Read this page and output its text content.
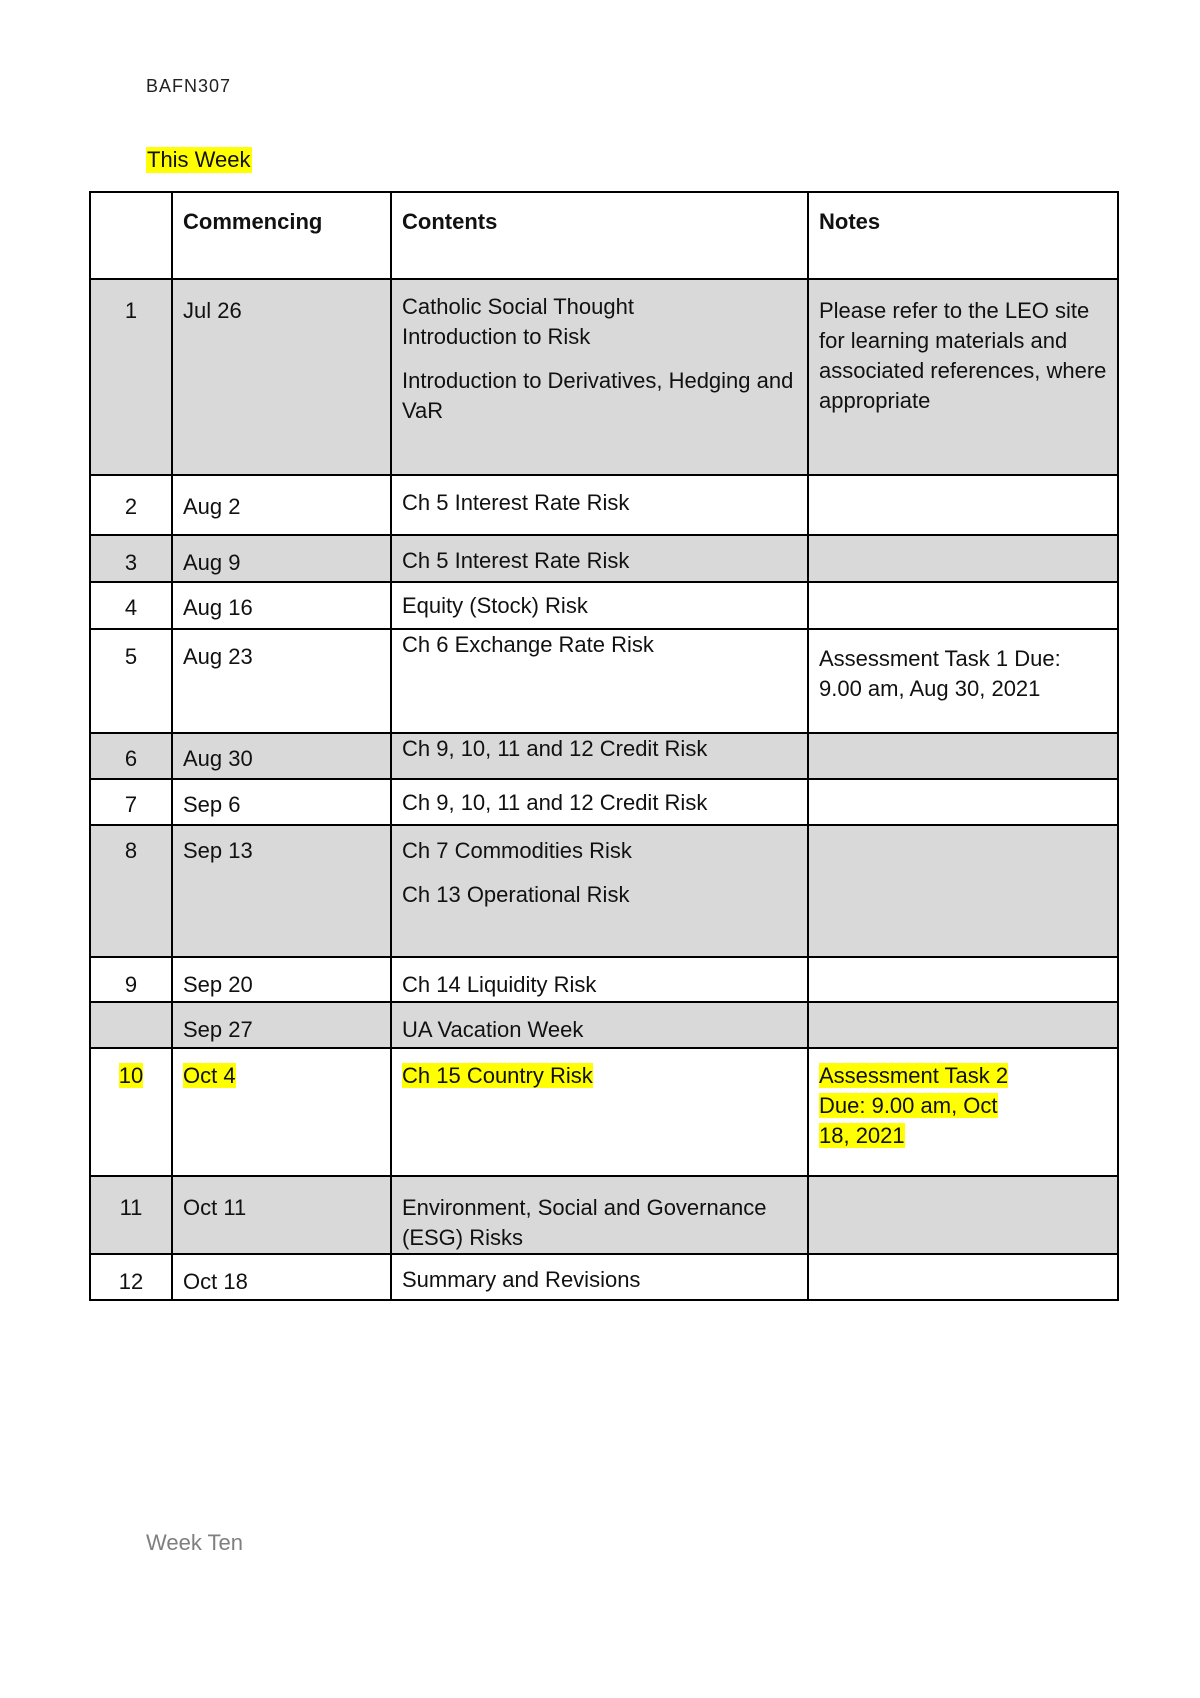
BAFN307
This Week
	Commencing	Contents	Notes
1	Jul 26	Catholic Social Thought
Introduction to Risk
Introduction to Derivatives, Hedging and VaR	Please refer to the LEO site for learning materials and associated references, where appropriate
2	Aug 2	Ch 5 Interest Rate Risk	
3	Aug 9	Ch 5 Interest Rate Risk	
4	Aug 16	Equity (Stock) Risk	
5	Aug 23	Ch 6 Exchange Rate Risk	Assessment Task 1 Due: 9.00 am, Aug 30, 2021
6	Aug 30	Ch 9, 10, 11 and 12 Credit Risk	
7	Sep 6	Ch 9, 10, 11 and 12 Credit Risk	
8	Sep 13	Ch 7 Commodities Risk
Ch 13 Operational Risk	

9	Sep 20	Ch 14 Liquidity Risk	
	Sep 27	UA Vacation Week	
10	Oct 4	Ch 15 Country Risk	Assessment Task 2
Due: 9.00 am, Oct
18, 2021
11	Oct 11	Environment, Social and Governance (ESG) Risks	
12	Oct 18	Summary and Revisions	
Week Ten
